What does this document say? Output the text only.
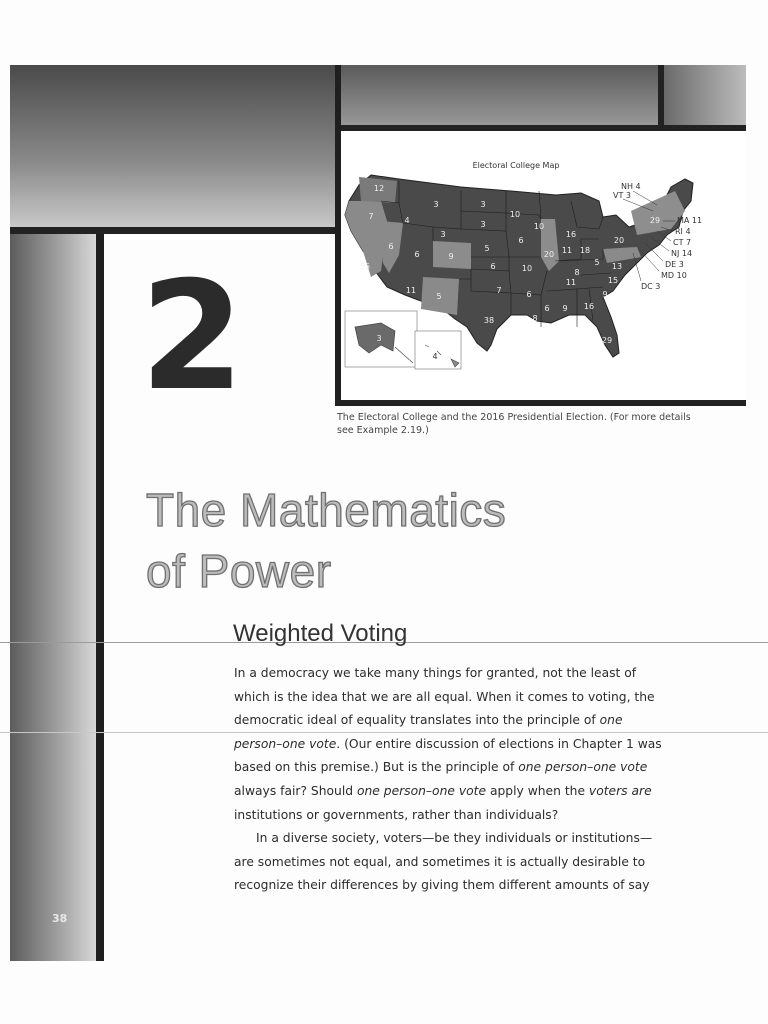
Electoral College Map
12
3	3
10
7	4	3	10
16
3
5
6
29
20
18
6
6	9
6	10
20 11
8
5 13
55
11
5
7	6
11	15
9
38	8
6 9 16
29
3
4
NH 4
VT 3
MA 11
RI 4
CT 7
NJ 14
DE 3
MD 10
DC 3
2	The Electoral College and the 2016 Presidential Election. (For more details see Example 2.19.)
The Mathematics
of Power
Weighted Voting

In a democracy we take many things for granted, not the least of which is the idea that we are all equal. When it comes to voting, the democratic ideal of equality translates into the principle of one person–one vote. (Our entire discussion of elections in Chapter 1 was based on this premise.) But is the principle of one person–one vote always fair? Should one person–one vote apply when the voters are institutions or governments, rather than individuals?

In a diverse society, voters—be they individuals or institutions—are sometimes not equal, and sometimes it is actually desirable to recognize their differences by giving them different amounts of say

38
